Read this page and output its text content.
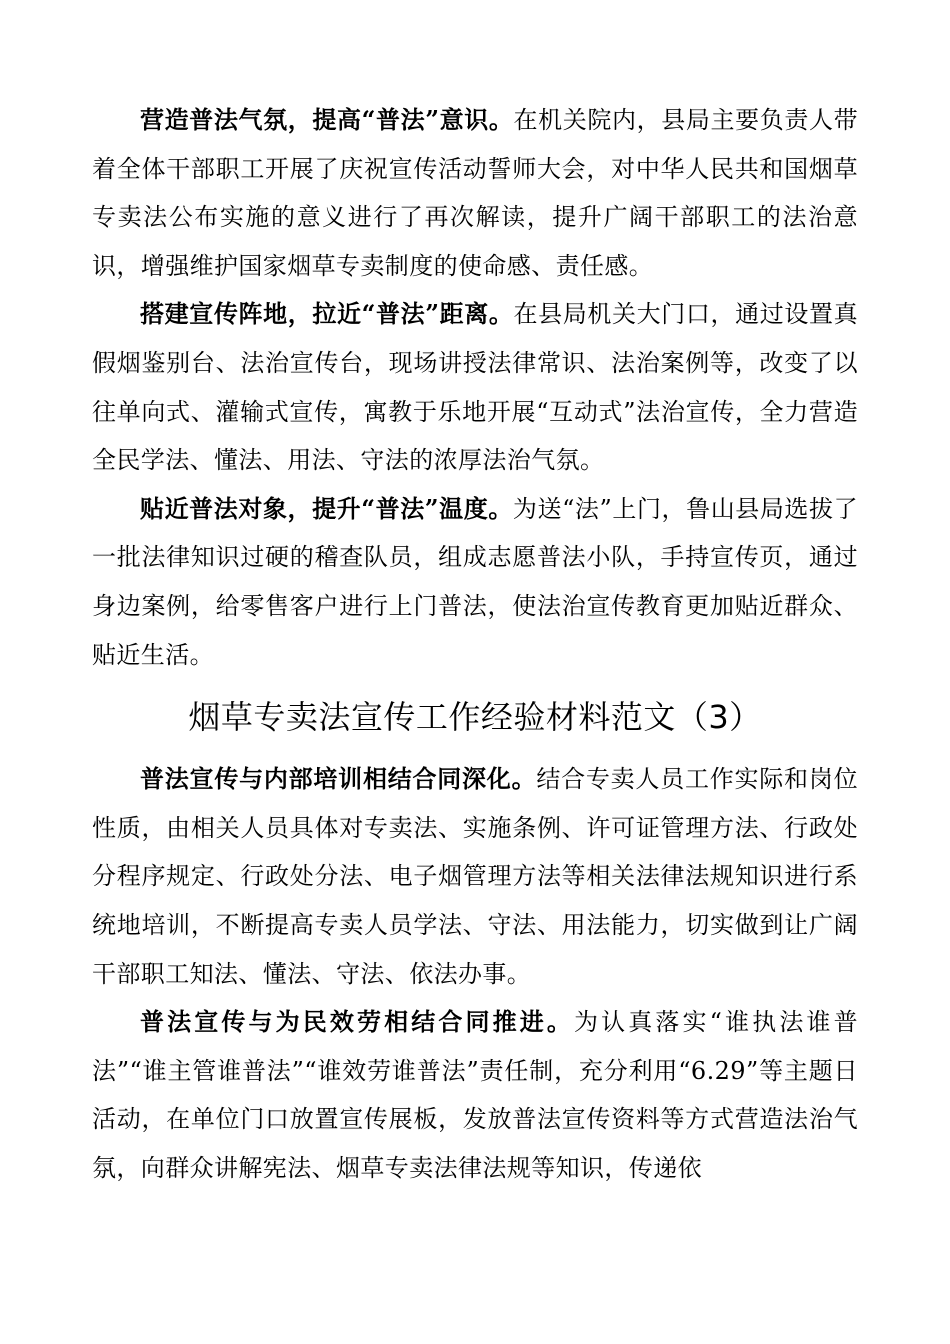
营造普法气氛，提高“普法”意识。在机关院内，县局主要负责人带着全体干部职工开展了庆祝宣传活动誓师大会，对中华人民共和国烟草专卖法公布实施的意义进行了再次解读，提升广阔干部职工的法治意识，增强维护国家烟草专卖制度的使命感、责任感。

搭建宣传阵地，拉近“普法”距离。在县局机关大门口，通过设置真假烟鉴别台、法治宣传台，现场讲授法律常识、法治案例等，改变了以往单向式、灌输式宣传，寓教于乐地开展“互动式”法治宣传，全力营造全民学法、懂法、用法、守法的浓厚法治气氛。

贴近普法对象，提升“普法”温度。为送“法”上门，鲁山县局选拔了一批法律知识过硬的稽查队员，组成志愿普法小队，手持宣传页，通过身边案例，给零售客户进行上门普法，使法治宣传教育更加贴近群众、贴近生活。

烟草专卖法宣传工作经验材料范文（3）

普法宣传与内部培训相结合同深化。结合专卖人员工作实际和岗位性质，由相关人员具体对专卖法、实施条例、许可证管理方法、行政处分程序规定、行政处分法、电子烟管理方法等相关法律法规知识进行系统地培训，不断提高专卖人员学法、守法、用法能力，切实做到让广阔干部职工知法、懂法、守法、依法办事。

普法宣传与为民效劳相结合同推进。为认真落实“谁执法谁普法”“谁主管谁普法”“谁效劳谁普法”责任制，充分利用“6.29”等主题日活动，在单位门口放置宣传展板，发放普法宣传资料等方式营造法治气氛，向群众讲解宪法、烟草专卖法律法规等知识，传递依
